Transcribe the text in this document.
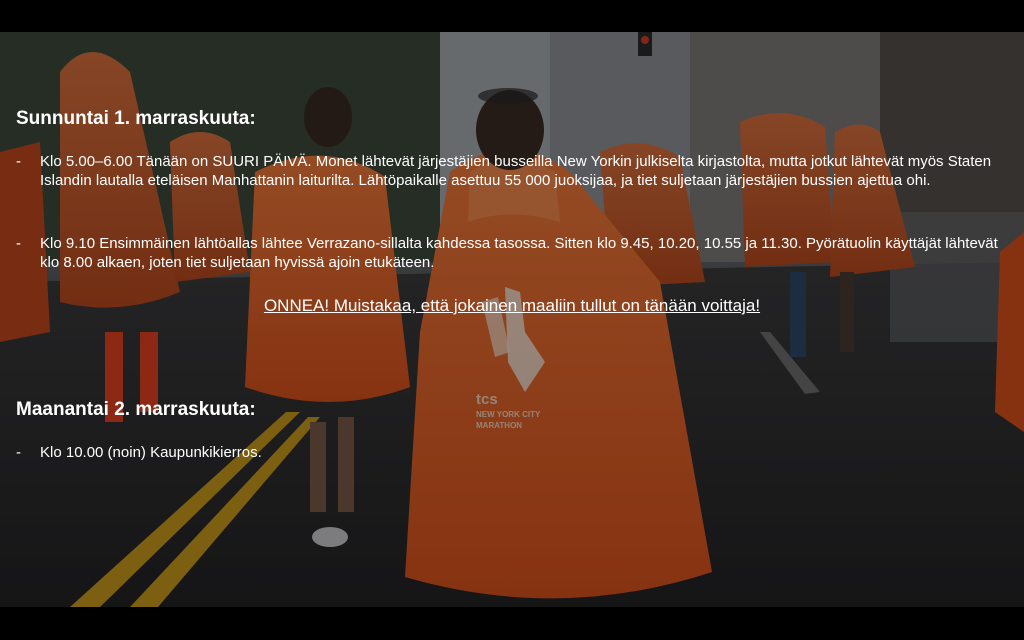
tcs
NEW YORK CITY
MARATHON
Sunnuntai 1. marraskuuta:
-	Klo 5.00–6.00 Tänään on SUURI PÄIVÄ. Monet lähtevät järjestäjien busseilla New Yorkin julkiselta kirjastolta, mutta jotkut lähtevät myös Staten Islandin lautalla eteläisen Manhattanin laiturilta. Lähtöpaikalle asettuu 55 000 juoksijaa, ja tiet suljetaan järjestäjien bussien ajettua ohi.
-	Klo 9.10 Ensimmäinen lähtöallas lähtee Verrazano-sillalta kahdessa tasossa. Sitten klo 9.45, 10.20, 10.55 ja 11.30. Pyörätuolin käyttäjät lähtevät klo 8.00 alkaen, joten tiet suljetaan hyvissä ajoin etukäteen.
ONNEA! Muistakaa, että jokainen maaliin tullut on tänään voittaja!
Maanantai 2. marraskuuta:
-	Klo 10.00 (noin) Kaupunkikierros.
